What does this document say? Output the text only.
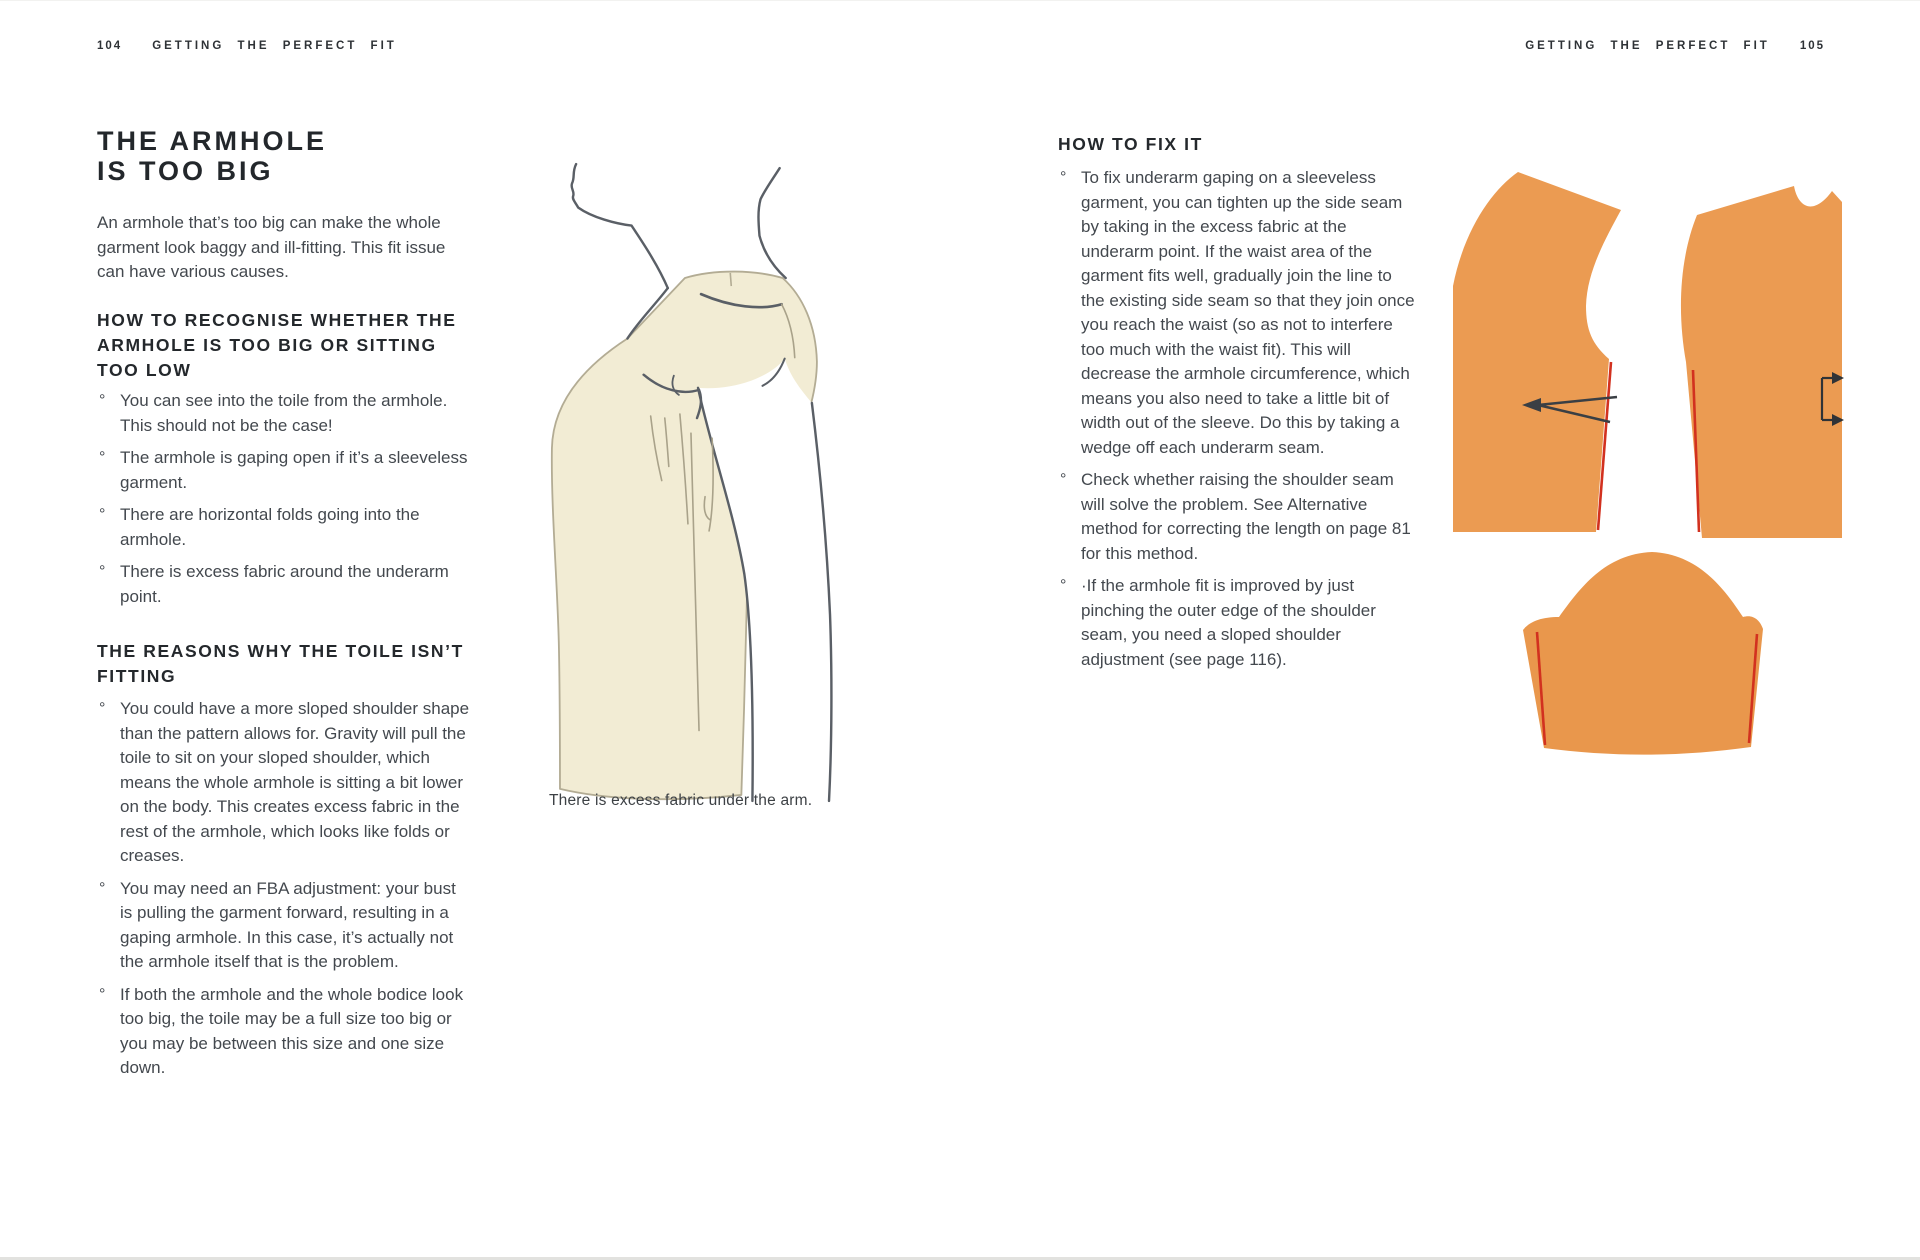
104	GETTING THE PERFECT FIT	GETTING THE PERFECT FIT	105
THE ARMHOLE
IS TOO BIG
An armhole that’s too big can make the whole garment look baggy and ill-fitting. This fit issue can have various causes.
HOW TO RECOGNISE WHETHER THE ARMHOLE IS TOO BIG OR SITTING TOO LOW
° You can see into the toile from the armhole. This should not be the case!
° The armhole is gaping open if it’s a sleeveless garment.
° There are horizontal folds going into the armhole.
° There is excess fabric around the underarm point.
THE REASONS WHY THE TOILE ISN’T FITTING
° You could have a more sloped shoulder shape than the pattern allows for. Gravity will pull the toile to sit on your sloped shoulder, which means the whole armhole is sitting a bit lower on the body. This creates excess fabric in the rest of the armhole, which looks like folds or creases.
° You may need an FBA adjustment: your bust is pulling the garment forward, resulting in a gaping armhole. In this case, it’s actually not the armhole itself that is the problem.
° If both the armhole and the whole bodice look too big, the toile may be a full size too big or you may be between this size and one size down.
There is excess fabric under the arm.
HOW TO FIX IT
° To fix underarm gaping on a sleeveless garment, you can tighten up the side seam by taking in the excess fabric at the underarm point. If the waist area of the garment fits well, gradually join the line to the existing side seam so that they join once you reach the waist (so as not to interfere too much with the waist fit). This will decrease the armhole circumference, which means you also need to take a little bit of width out of the sleeve. Do this by taking a wedge off each underarm seam.
° Check whether raising the shoulder seam will solve the problem. See Alternative method for correcting the length on page 81 for this method.
° ·If the armhole fit is improved by just pinching the outer edge of the shoulder seam, you need a sloped shoulder adjustment (see page 116).
